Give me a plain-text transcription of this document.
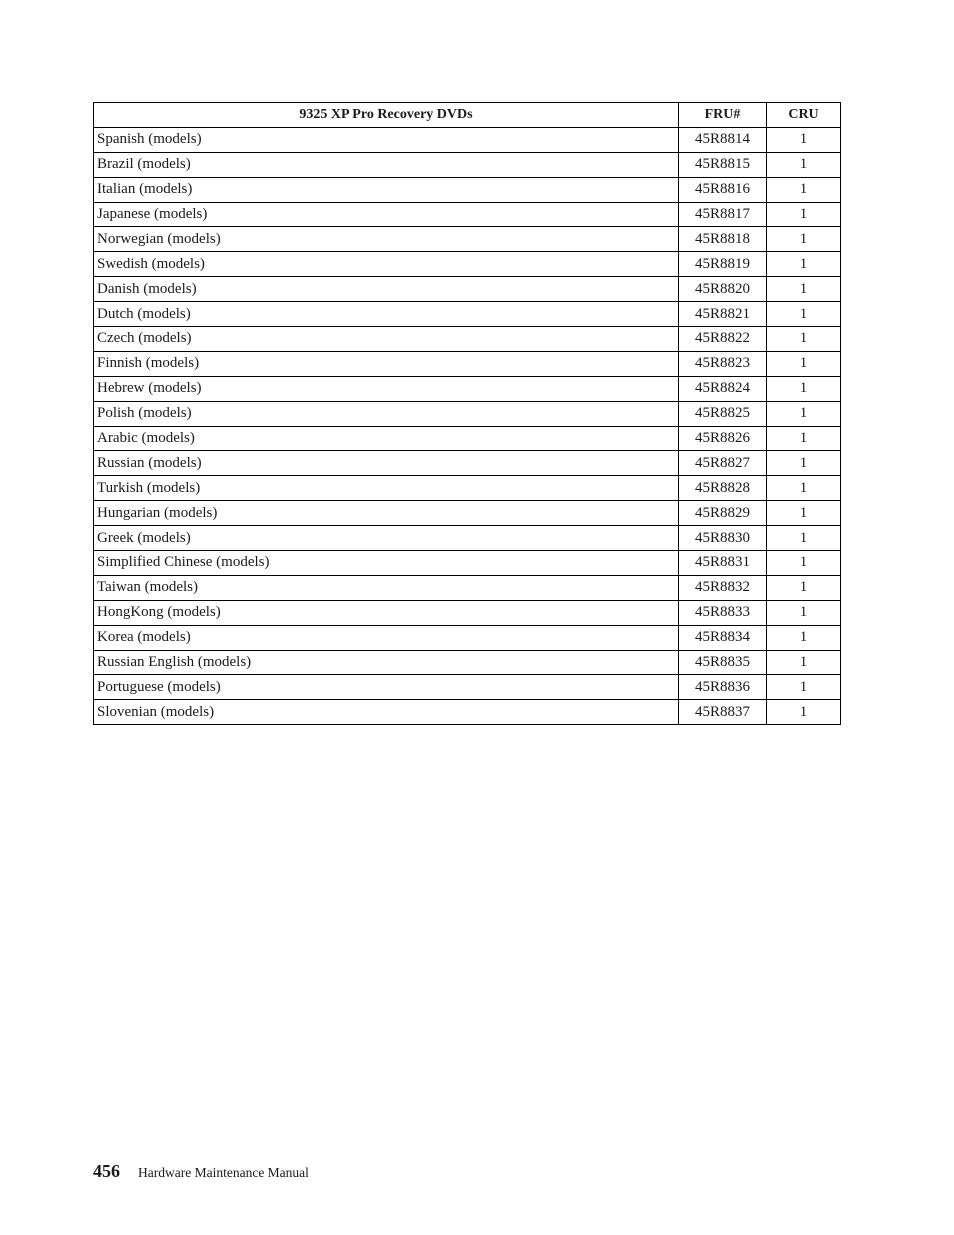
9325 XP Pro Recovery DVDs	FRU#	CRU
Spanish (models)	45R8814	1
Brazil (models)	45R8815	1
Italian (models)	45R8816	1
Japanese (models)	45R8817	1
Norwegian (models)	45R8818	1
Swedish (models)	45R8819	1
Danish (models)	45R8820	1
Dutch (models)	45R8821	1
Czech (models)	45R8822	1
Finnish (models)	45R8823	1
Hebrew (models)	45R8824	1
Polish (models)	45R8825	1
Arabic (models)	45R8826	1
Russian (models)	45R8827	1
Turkish (models)	45R8828	1
Hungarian (models)	45R8829	1
Greek (models)	45R8830	1
Simplified Chinese (models)	45R8831	1
Taiwan (models)	45R8832	1
HongKong (models)	45R8833	1
Korea (models)	45R8834	1
Russian English (models)	45R8835	1
Portuguese (models)	45R8836	1
Slovenian (models)	45R8837	1
456 Hardware Maintenance Manual
